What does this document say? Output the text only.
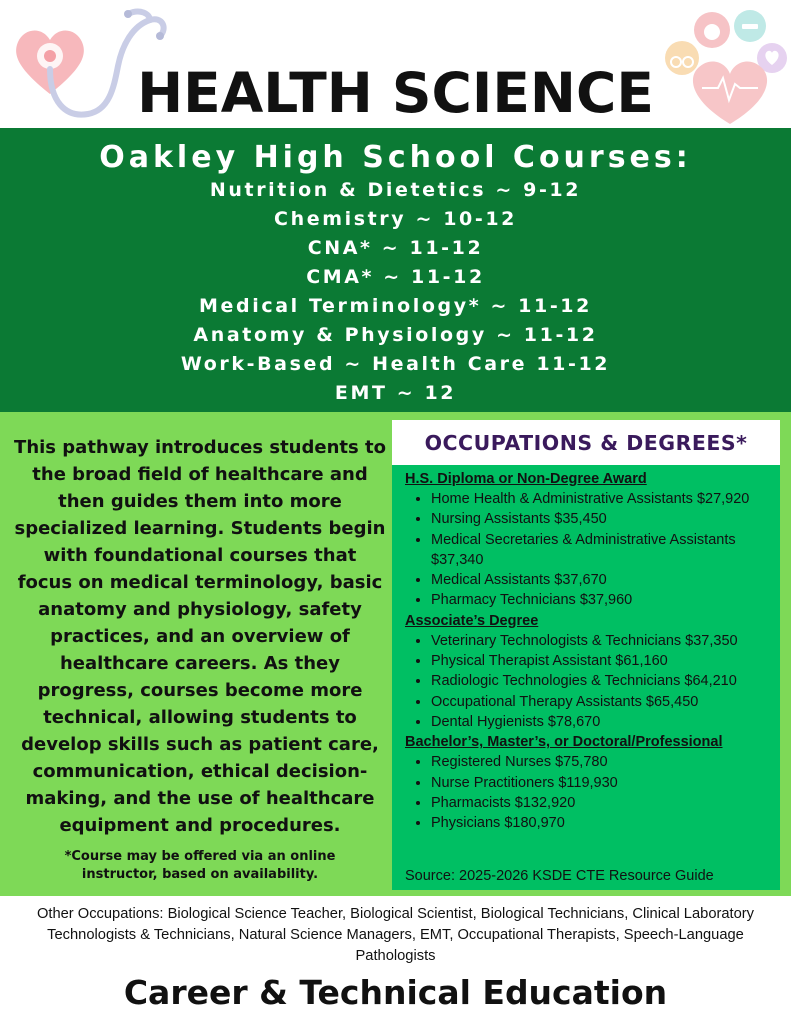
HEALTH SCIENCE
Oakley High School Courses:
Nutrition & Dietetics ~ 9-12
Chemistry ~ 10-12
CNA* ~ 11-12
CMA* ~ 11-12
Medical Terminology* ~ 11-12
Anatomy & Physiology ~ 11-12
Work-Based ~ Health Care 11-12
EMT ~ 12
This pathway introduces students to the broad field of healthcare and then guides them into more specialized learning. Students begin with foundational courses that focus on medical terminology, basic anatomy and physiology, safety practices, and an overview of healthcare careers. As they progress, courses become more technical, allowing students to develop skills such as patient care, communication, ethical decision-making, and the use of healthcare equipment and procedures.
*Course may be offered via an online instructor, based on availability.
OCCUPATIONS & DEGREES*
H.S. Diploma or Non-Degree Award
• Home Health & Administrative Assistants $27,920
• Nursing Assistants $35,450
• Medical Secretaries & Administrative Assistants $37,340
• Medical Assistants $37,670
• Pharmacy Technicians $37,960
Associate’s Degree
• Veterinary Technologists & Technicians $37,350
• Physical Therapist Assistant $61,160
• Radiologic Technologies & Technicians $64,210
• Occupational Therapy Assistants $65,450
• Dental Hygienists $78,670
Bachelor’s, Master’s, or Doctoral/Professional
• Registered Nurses $75,780
• Nurse Practitioners $119,930
• Pharmacists $132,920
• Physicians $180,970
Source: 2025-2026 KSDE CTE Resource Guide
Other Occupations: Biological Science Teacher, Biological Scientist, Biological Technicians, Clinical Laboratory Technologists & Technicians, Natural Science Managers, EMT, Occupational Therapists, Speech-Language Pathologists
Career & Technical Education
